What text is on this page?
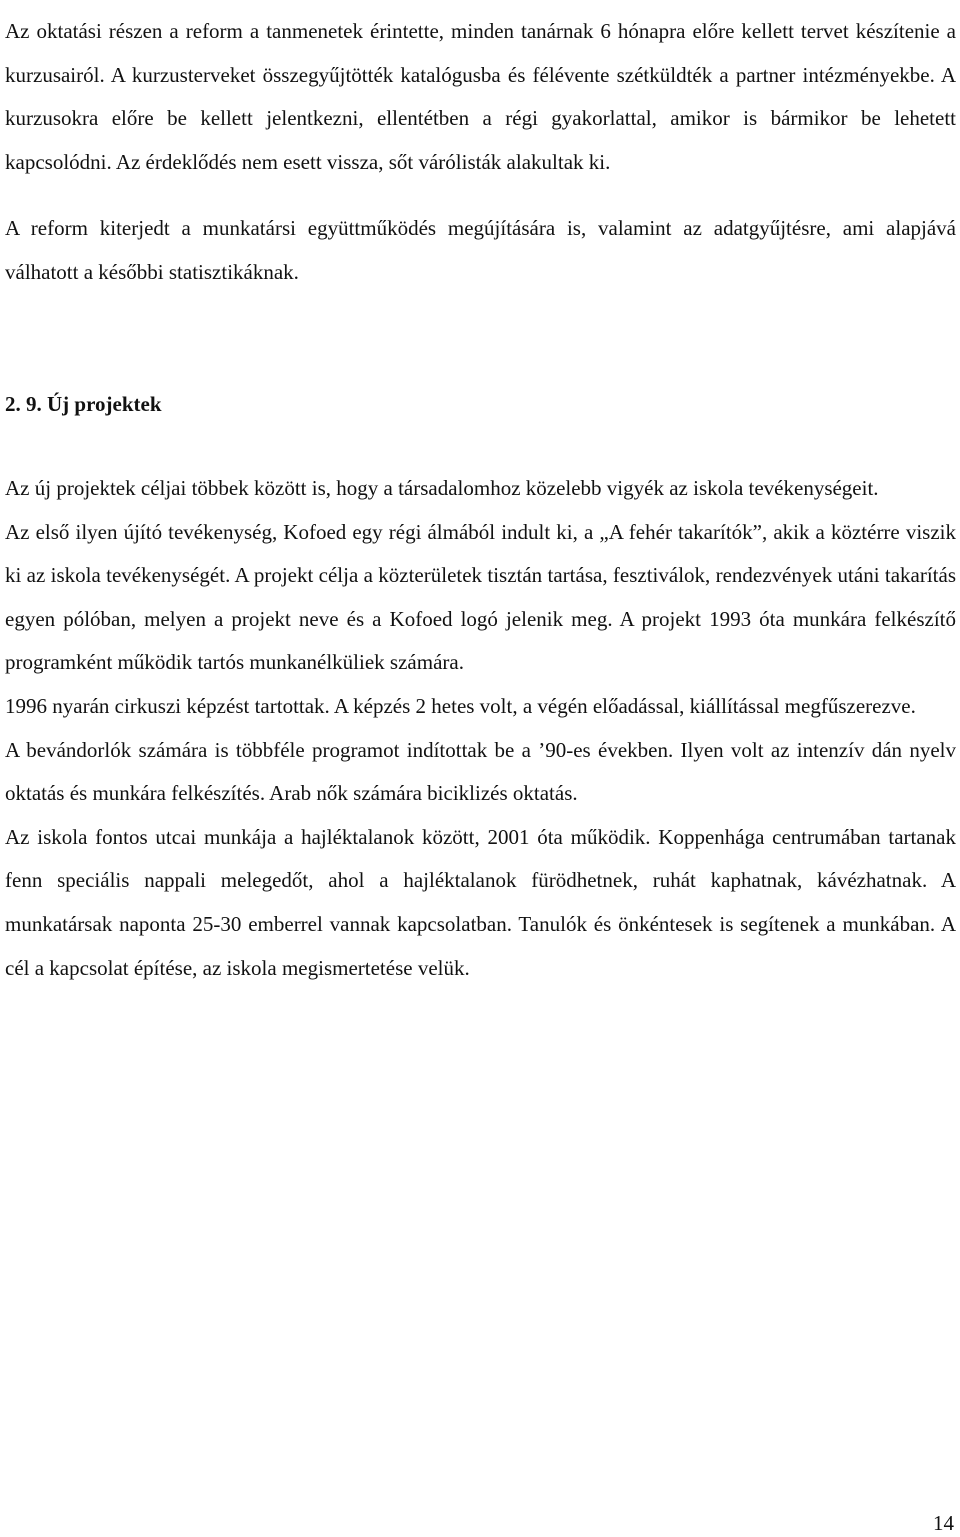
Az oktatási részen a reform a tanmenetek érintette, minden tanárnak 6 hónapra előre kellett tervet készítenie a kurzusairól. A kurzusterveket összegyűjtötték katalógusba és félévente szétküldték a partner intézményekbe. A kurzusokra előre be kellett jelentkezni, ellentétben a régi gyakorlattal, amikor is bármikor be lehetett kapcsolódni. Az érdeklődés nem esett vissza, sőt várólisták alakultak ki.

A reform kiterjedt a munkatársi együttműködés megújítására is, valamint az adatgyűjtésre, ami alapjává válhatott a későbbi statisztikáknak.

2. 9. Új projektek

Az új projektek céljai többek között is, hogy a társadalomhoz közelebb vigyék az iskola tevékenységeit.

Az első ilyen újító tevékenység, Kofoed egy régi álmából indult ki, a „A fehér takarítók”, akik a köztérre viszik ki az iskola tevékenységét. A projekt célja a közterületek tisztán tartása, fesztiválok, rendezvények utáni takarítás egyen pólóban, melyen a projekt neve és a Kofoed logó jelenik meg. A projekt 1993 óta munkára felkészítő programként működik tartós munkanélküliek számára.

1996 nyarán cirkuszi képzést tartottak. A képzés 2 hetes volt, a végén előadással, kiállítással megfűszerezve.

A bevándorlók számára is többféle programot indítottak be a ’90-es években. Ilyen volt az intenzív dán nyelv oktatás és munkára felkészítés. Arab nők számára biciklizés oktatás.

Az iskola fontos utcai munkája a hajléktalanok között, 2001 óta működik. Koppenhága centrumában tartanak fenn speciális nappali melegedőt, ahol a hajléktalanok fürödhetnek, ruhát kaphatnak, kávézhatnak. A munkatársak naponta 25-30 emberrel vannak kapcsolatban. Tanulók és önkéntesek is segítenek a munkában. A cél a kapcsolat építése, az iskola megismertetése velük.

14
